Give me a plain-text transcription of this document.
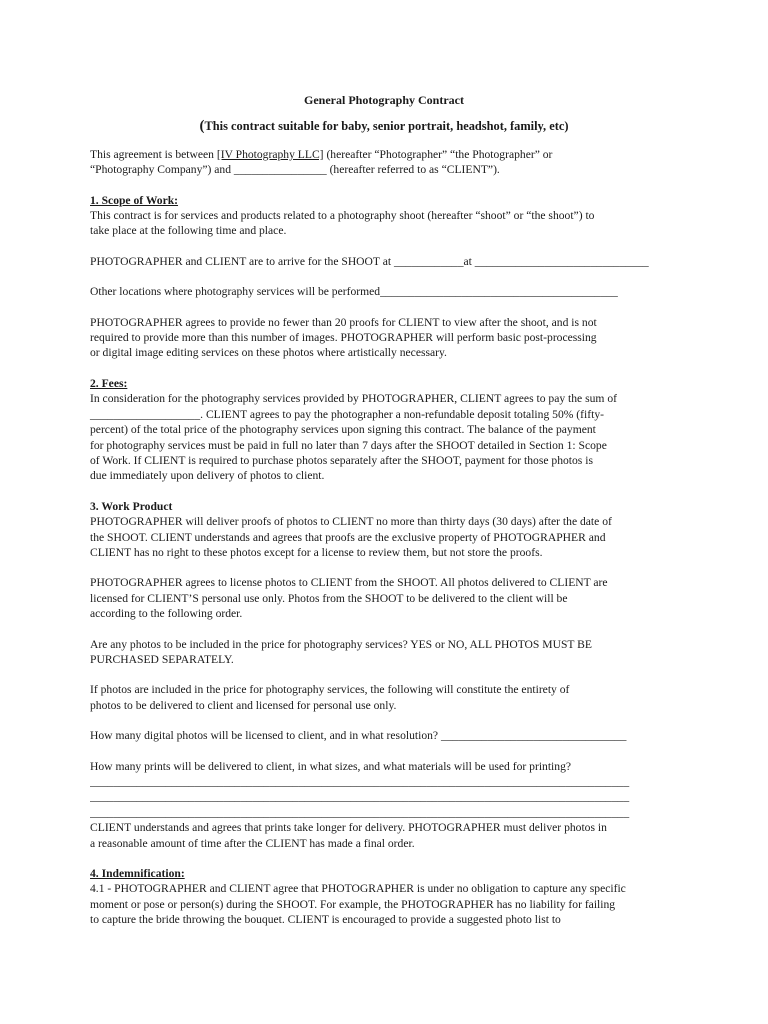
General Photography Contract

(This contract suitable for baby, senior portrait, headshot, family, etc)

This agreement is between [IV Photography LLC] (hereafter “Photographer” “the Photographer” or

“Photography Company”) and ________________ (hereafter referred to as “CLIENT”).

1. Scope of Work:

This contract is for services and products related to a photography shoot (hereafter “shoot” or “the shoot”) to

take place at the following time and place.

PHOTOGRAPHER and CLIENT are to arrive for the SHOOT at ____________at ______________________________

Other locations where photography services will be performed_________________________________________

PHOTOGRAPHER agrees to provide no fewer than 20 proofs for CLIENT to view after the shoot, and is not

required to provide more than this number of images. PHOTOGRAPHER will perform basic post-processing

or digital image editing services on these photos where artistically necessary.

2. Fees:

In consideration for the photography services provided by PHOTOGRAPHER, CLIENT agrees to pay the sum of

___________________. CLIENT agrees to pay the photographer a non-refundable deposit totaling 50% (fifty-

percent) of the total price of the photography services upon signing this contract. The balance of the payment

for photography services must be paid in full no later than 7 days after the SHOOT detailed in Section 1: Scope

of Work. If CLIENT is required to purchase photos separately after the SHOOT, payment for those photos is

due immediately upon delivery of photos to client.

3. Work Product

PHOTOGRAPHER will deliver proofs of photos to CLIENT no more than thirty days (30 days) after the date of

the SHOOT. CLIENT understands and agrees that proofs are the exclusive property of PHOTOGRAPHER and

CLIENT has no right to these photos except for a license to review them, but not store the proofs.

PHOTOGRAPHER agrees to license photos to CLIENT from the SHOOT. All photos delivered to CLIENT are

licensed for CLIENT’S personal use only. Photos from the SHOOT to be delivered to the client will be

according to the following order.

Are any photos to be included in the price for photography services? YES or NO, ALL PHOTOS MUST BE

PURCHASED SEPARATELY.

If photos are included in the price for photography services, the following will constitute the entirety of

photos to be delivered to client and licensed for personal use only.

How many digital photos will be licensed to client, and in what resolution? ________________________________

How many prints will be delivered to client, in what sizes, and what materials will be used for printing?

_____________________________________________________________________________________________

_____________________________________________________________________________________________

_____________________________________________________________________________________________

CLIENT understands and agrees that prints take longer for delivery. PHOTOGRAPHER must deliver photos in

a reasonable amount of time after the CLIENT has made a final order.

4. Indemnification:

4.1 - PHOTOGRAPHER and CLIENT agree that PHOTOGRAPHER is under no obligation to capture any specific

moment or pose or person(s) during the SHOOT. For example, the PHOTOGRAPHER has no liability for failing

to capture the bride throwing the bouquet. CLIENT is encouraged to provide a suggested photo list to
